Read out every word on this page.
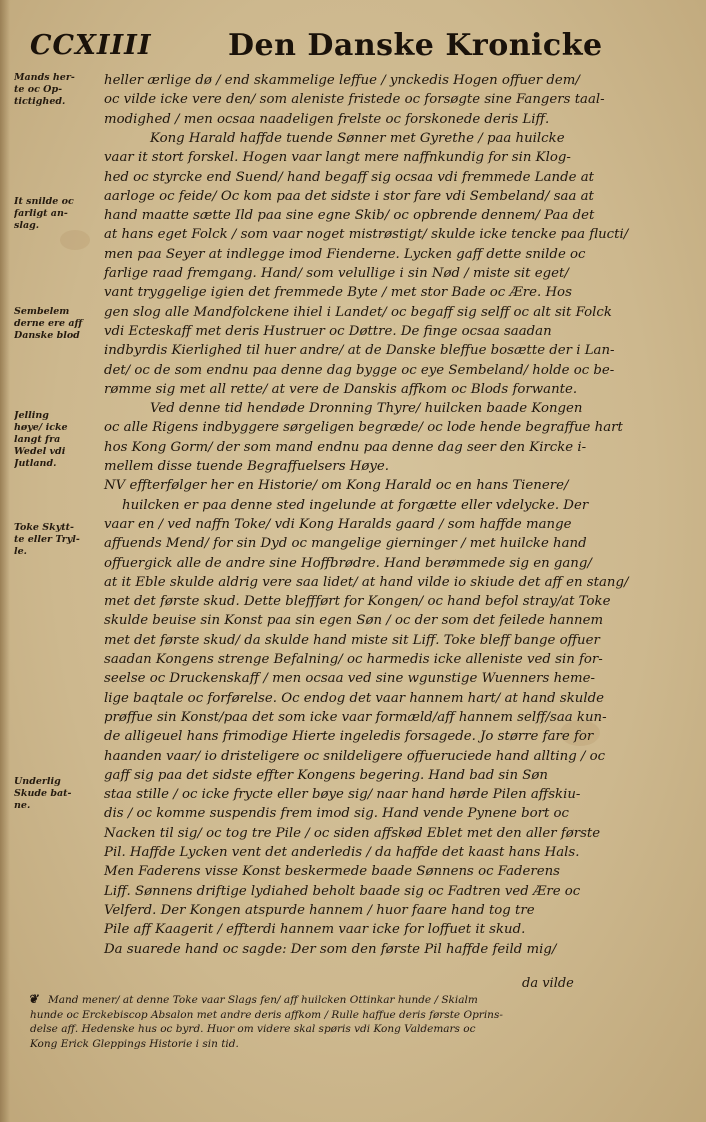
CCXIIII	Den Danske Kronicke
Mands her-
te oc Op-
tictighed.
It snilde oc
farligt an-
slag.
Sembelem
derne ere aff
Danske blod
Jelling
høye/ icke
langt fra
Wedel vdi
Jutland.
Toke Skytt-
te eller Tryl-
le.
Underlig
Skude bat-
ne.
heller ærlige dø / end skammelige leffue / ynckedis Hogen offuer dem/
oc vilde icke vere den/ som aleniste fristede oc forsøgte sine Fangers taal-
modighed / men ocsaa naadeligen frelste oc forskonede deris Liff.
Kong Harald haffde tuende Sønner met Gyrethe / paa huilcke
vaar it stort forskel. Hogen vaar langt mere naffnkundig for sin Klog-
hed oc styrcke end Suend/ hand begaff sig ocsaa vdi fremmede Lande at
aarloge oc feide/ Oc kom paa det sidste i stor fare vdi Sembeland/ saa at
hand maatte sætte Ild paa sine egne Skib/ oc opbrende dennem/ Paa det
at hans eget Folck / som vaar noget mistrøstigt/ skulde icke tencke paa flucti/
men paa Seyer at indlegge imod Fienderne. Lycken gaff dette snilde oc
farlige raad fremgang. Hand/ som velullige i sin Nød / miste sit eget/
vant tryggelige igien det fremmede Byte / met stor Bade oc Ære. Hos
gen slog alle Mandfolckene ihiel i Landet/ oc begaff sig selff oc alt sit Folck
vdi Ecteskaff met deris Hustruer oc Døttre. De finge ocsaa saadan
indbyrdis Kierlighed til huer andre/ at de Danske bleffue bosætte der i Lan-
det/ oc de som endnu paa denne dag bygge oc eye Sembeland/ holde oc be-
rømme sig met all rette/ at vere de Danskis affkom oc Blods forwante.
Ved denne tid hendøde Dronning Thyre/ huilcken baade Kongen
oc alle Rigens indbyggere sørgeligen begræde/ oc lode hende begraffue hart
hos Kong Gorm/ der som mand endnu paa denne dag seer den Kircke i-
mellem disse tuende Begraffuelsers Høye.
NV effterfølger her en Historie/ om Kong Harald oc en hans Tienere/
huilcken er paa denne sted ingelunde at forgætte eller vdelycke. Der
vaar en / ved naffn Toke/ vdi Kong Haralds gaard / som haffde mange
affuends Mend/ for sin Dyd oc mangelige gierninger / met huilcke hand
offuergick alle de andre sine Hoffbrødre. Hand berømmede sig en gang/
at it Eble skulde aldrig vere saa lidet/ at hand vilde io skiude det aff en stang/
met det første skud. Dette bleffført for Kongen/ oc hand befol stray/at Toke
skulde beuise sin Konst paa sin egen Søn / oc der som det feilede hannem
met det første skud/ da skulde hand miste sit Liff. Toke bleff bange offuer
saadan Kongens strenge Befalning/ oc harmedis icke alleniste ved sin for-
seelse oc Druckenskaff / men ocsaa ved sine wgunstige Wuenners heme-
lige baqtale oc forførelse. Oc endog det vaar hannem hart/ at hand skulde
prøffue sin Konst/paa det som icke vaar formæld/aff hannem selff/saa kun-
de alligeuel hans frimodige Hierte ingeledis forsagede. Jo større fare for
haanden vaar/ io dristeligere oc snildeligere offueruciede hand allting / oc
gaff sig paa det sidste effter Kongens begering. Hand bad sin Søn
staa stille / oc icke frycte eller bøye sig/ naar hand hørde Pilen affskiu-
dis / oc komme suspendis frem imod sig. Hand vende Pynene bort oc
Nacken til sig/ oc tog tre Pile / oc siden affskød Eblet met den aller første
Pil. Haffde Lycken vent det anderledis / da haffde det kaast hans Hals.
Men Faderens visse Konst beskermede baade Sønnens oc Faderens
Liff. Sønnens driftige lydiahed beholt baade sig oc Fadtren ved Ære oc
Velferd. Der Kongen atspurde hannem / huor faare hand tog tre
Pile aff Kaagerit / effterdi hannem vaar icke for loffuet it skud.
Da suarede hand oc sagde: Der som den første Pil haffde feild mig/
da vilde
❦ Mand mener/ at denne Toke vaar Slags fen/ aff huilcken Ottinkar hunde / Skialm
hunde oc Erckebiscop Absalon met andre deris affkom / Rulle haffue deris første Oprins-
delse aff. Hedenske hus oc byrd. Huor om videre skal spøris vdi Kong Valdemars oc
Kong Erick Gleppings Historie i sin tid.
